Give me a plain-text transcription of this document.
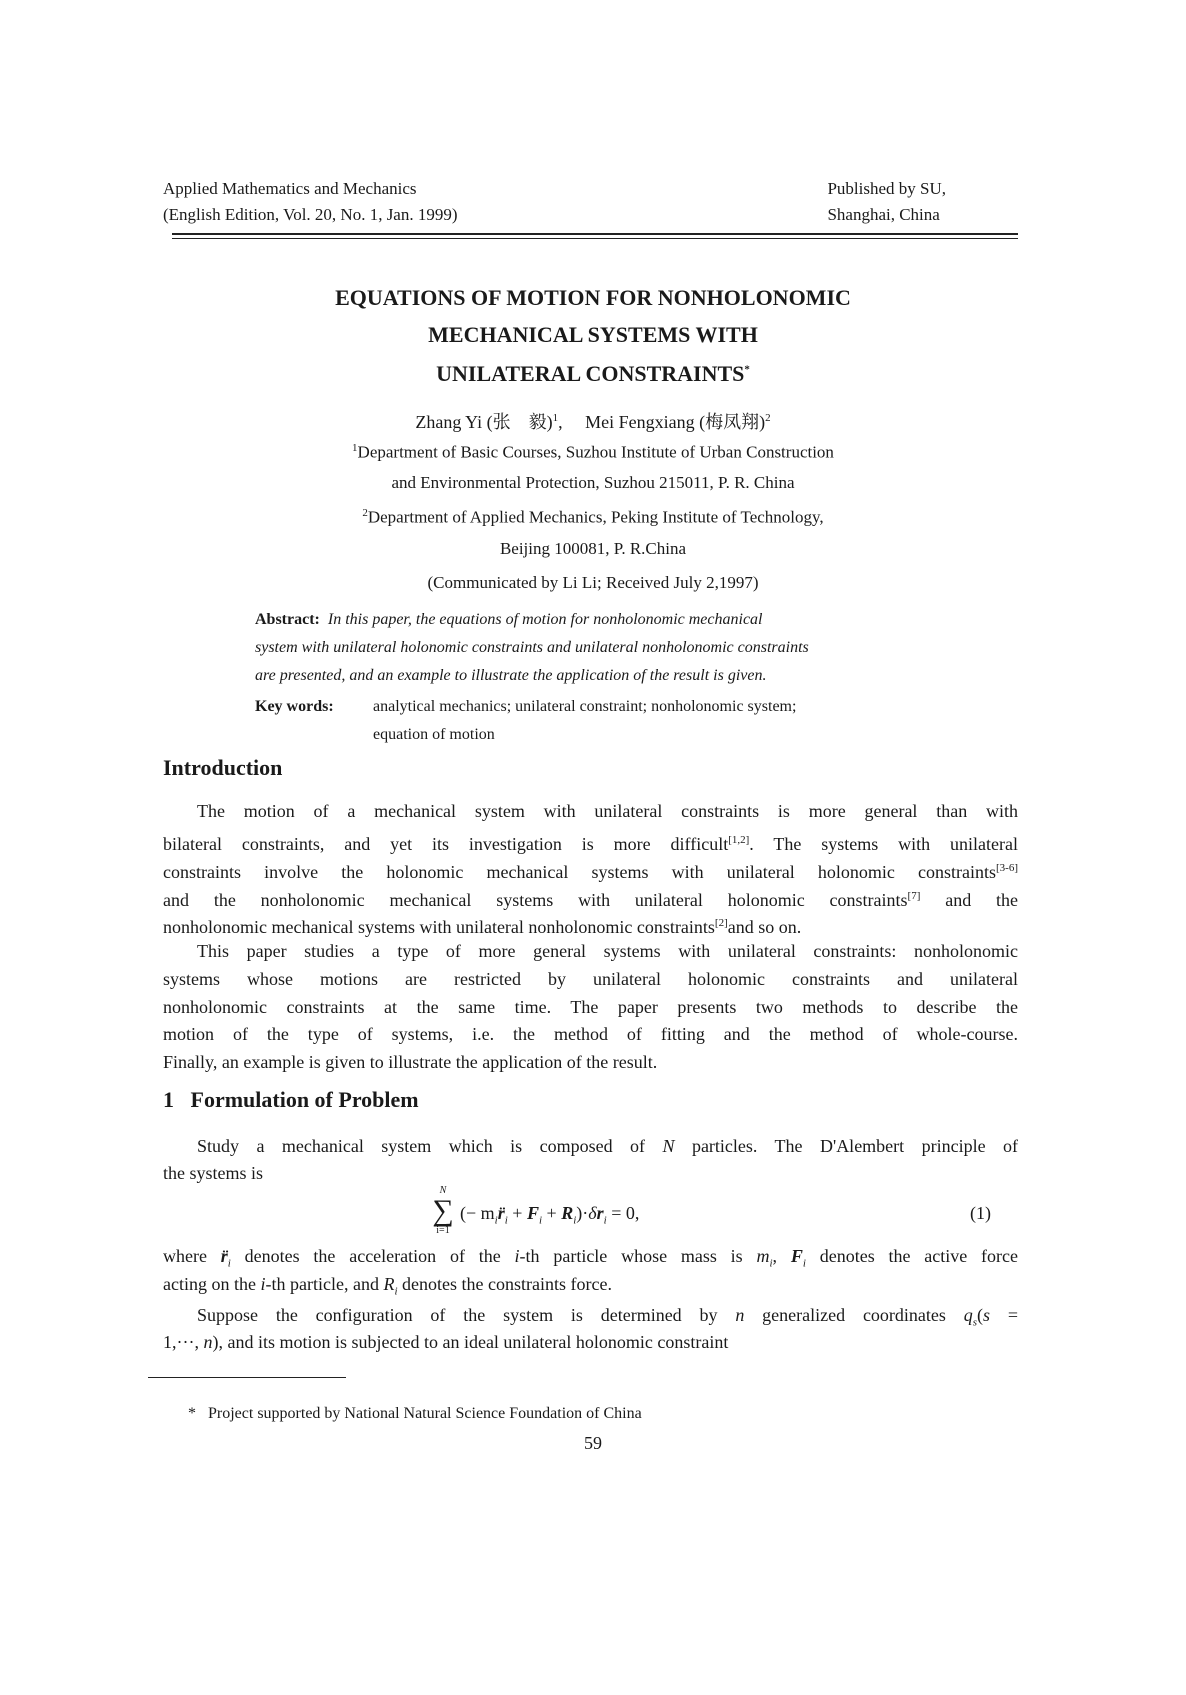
Applied Mathematics and Mechanics
(English Edition, Vol. 20, No. 1, Jan. 1999)
Published by SU,
Shanghai, China
EQUATIONS OF MOTION FOR NONHOLONOMIC
MECHANICAL SYSTEMS WITH
UNILATERAL CONSTRAINTS*
Zhang Yi (张　毅)$^1$, Mei Fengxiang (梅凤翔)$^2$
$^1$Department of Basic Courses, Suzhou Institute of Urban Construction
and Environmental Protection, Suzhou 215011, P. R. China
$^2$Department of Applied Mechanics, Peking Institute of Technology,
Beijing 100081, P. R.China
(Communicated by Li Li; Received July 2,1997)
Abstract: In this paper, the equations of motion for nonholonomic mechanical
system with unilateral holonomic constraints and unilateral nonholonomic constraints
are presented, and an example to illustrate the application of the result is given.
Key words: analytical mechanics; unilateral constraint; nonholonomic system;
equation of motion
Introduction
The motion of a mechanical system with unilateral constraints is more general than with
bilateral constraints, and yet its investigation is more difficult[1,2]. The systems with unilateral
constraints involve the holonomic mechanical systems with unilateral holonomic constraints[3-6]
and the nonholonomic mechanical systems with unilateral holonomic constraints[7] and the
nonholonomic mechanical systems with unilateral nonholonomic constraints[2]and so on.
This paper studies a type of more general systems with unilateral constraints: nonholonomic
systems whose motions are restricted by unilateral holonomic constraints and unilateral
nonholonomic constraints at the same time. The paper presents two methods to describe the
motion of the type of systems, i.e. the method of fitting and the method of whole-course.
Finally, an example is given to illustrate the application of the result.
1 Formulation of Problem
Study a mechanical system which is composed of N particles. The D'Alembert principle of
the systems is
N
∑
i=1
(− $m_ir̈_i + F_i + R_i)\cdot\delta r_i = 0$,	(1)
where $r̈_i$ denotes the acceleration of the i-th particle whose mass is $m_i$, $F_i$ denotes the active force
acting on the i-th particle, and $R_i$ denotes the constraints force.
Suppose the configuration of the system is determined by n generalized coordinates $q_s(s$ =
1,···, n), and its motion is subjected to an ideal unilateral holonomic constraint
* Project supported by National Natural Science Foundation of China
59
